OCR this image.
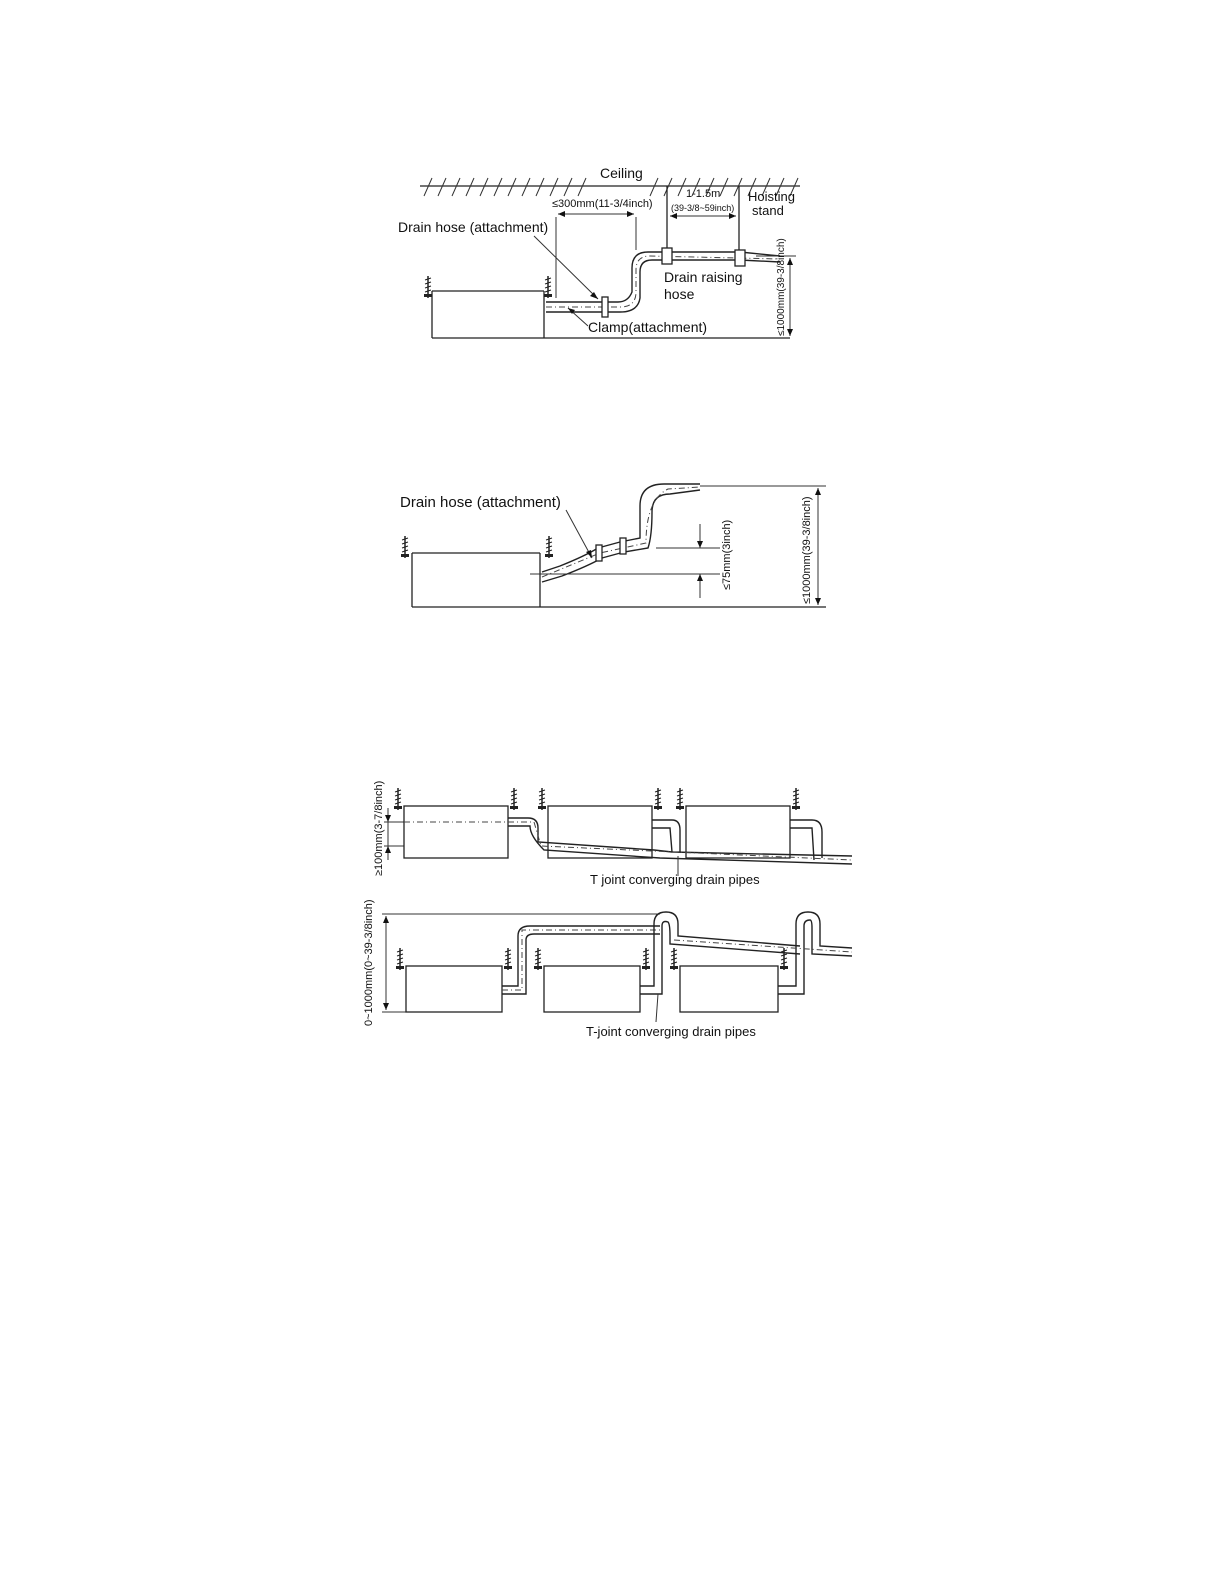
Ceiling
1-1.5m
(39-3/8~59inch)
Hoisting
stand
≤300mm(11-3/4inch)
Drain hose (attachment)
Clamp(attachment)
Drain raising
hose	≤1000mm(39-3/8inch)
Drain hose (attachment)
≤75mm(3inch)	≤1000mm(39-3/8inch)
≥100mm(3-7/8inch)
T joint converging drain pipes
0~1000mm(0~39-3/8inch)
T-joint converging drain pipes
